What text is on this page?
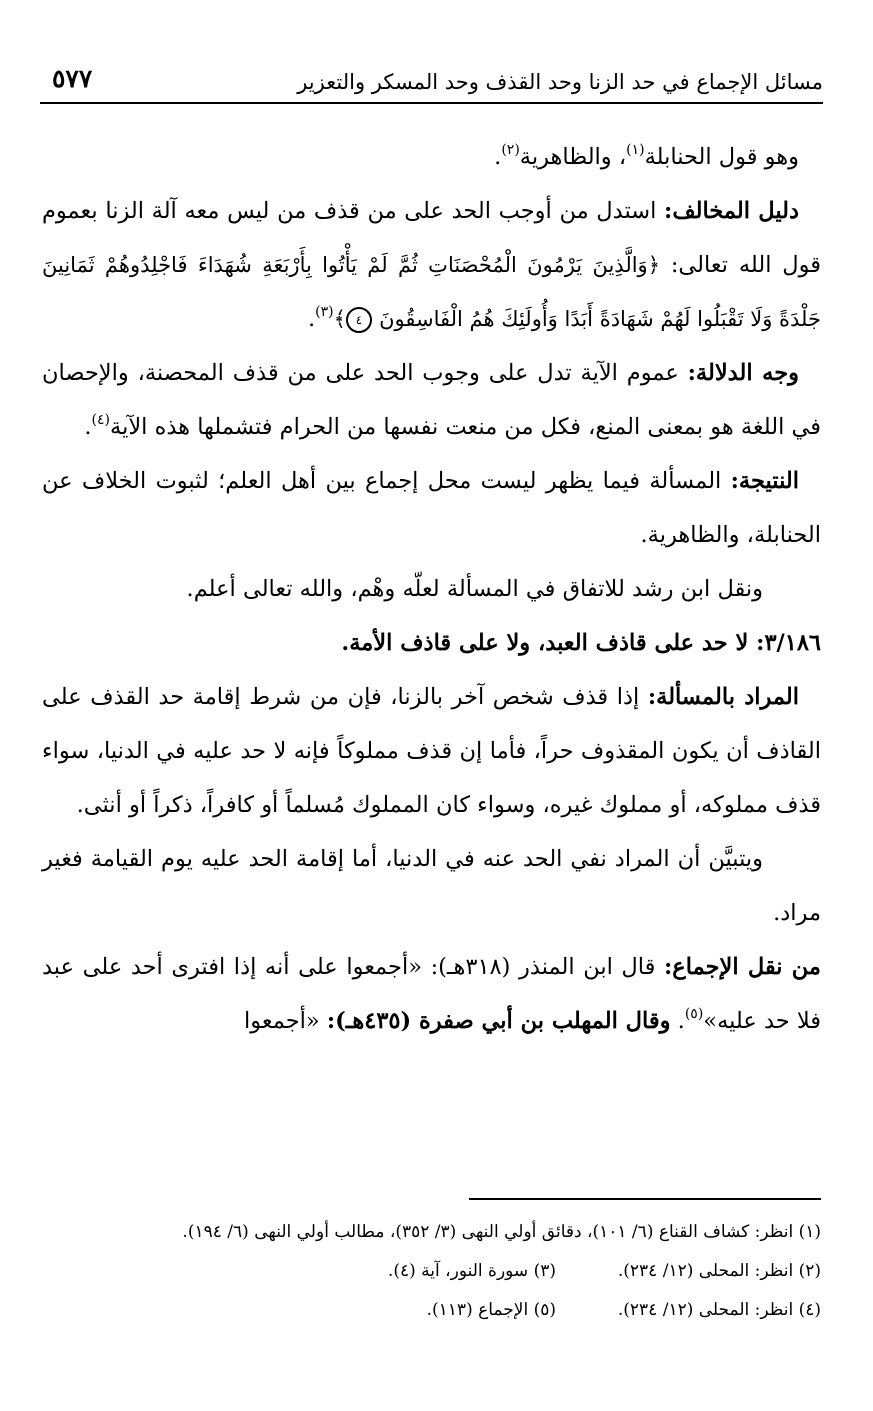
مسائل الإجماع في حد الزنا وحد القذف وحد المسكر والتعزير
٥٧٧

وهو قول الحنابلة$^{(١)}$، والظاهرية$^{(٢)}$.

دليل المخالف: استدل من أوجب الحد على من قذف من ليس معه آلة الزنا بعموم قول الله تعالى: ﴿وَالَّذِينَ يَرْمُونَ الْمُحْصَنَاتِ ثُمَّ لَمْ يَأْتُوا بِأَرْبَعَةِ شُهَدَاءَ فَاجْلِدُوهُمْ ثَمَانِينَ جَلْدَةً وَلَا تَقْبَلُوا لَهُمْ شَهَادَةً أَبَدًا وَأُولَئِكَ هُمُ الْفَاسِقُونَ ٤﴾$^{(٣)}$.

وجه الدلالة: عموم الآية تدل على وجوب الحد على من قذف المحصنة، والإحصان في اللغة هو بمعنى المنع، فكل من منعت نفسها من الحرام فتشملها هذه الآية$^{(٤)}$.

النتيجة: المسألة فيما يظهر ليست محل إجماع بين أهل العلم؛ لثبوت الخلاف عن الحنابلة، والظاهرية.

ونقل ابن رشد للاتفاق في المسألة لعلّه وهْم، والله تعالى أعلم.

٣/١٨٦: لا حد على قاذف العبد، ولا على قاذف الأمة.

المراد بالمسألة: إذا قذف شخص آخر بالزنا، فإن من شرط إقامة حد القذف على القاذف أن يكون المقذوف حراً، فأما إن قذف مملوكاً فإنه لا حد عليه في الدنيا، سواء قذف مملوكه، أو مملوك غيره، وسواء كان المملوك مُسلماً أو كافراً، ذكراً أو أنثى.

ويتبيَّن أن المراد نفي الحد عنه في الدنيا، أما إقامة الحد عليه يوم القيامة فغير مراد.

من نقل الإجماع: قال ابن المنذر (٣١٨هـ): «أجمعوا على أنه إذا افترى أحد على عبد فلا حد عليه»$^{(٥)}$. وقال المهلب بن أبي صفرة (٤٣٥هـ): «أجمعوا

(١) انظر: كشاف القناع (٦/ ١٠١)، دقائق أولي النهى (٣/ ٣٥٢)، مطالب أولي النهى (٦/ ١٩٤).
(٢) انظر: المحلى (١٢/ ٢٣٤).
(٣) سورة النور، آية (٤).
(٤) انظر: المحلى (١٢/ ٢٣٤).
(٥) الإجماع (١١٣).
